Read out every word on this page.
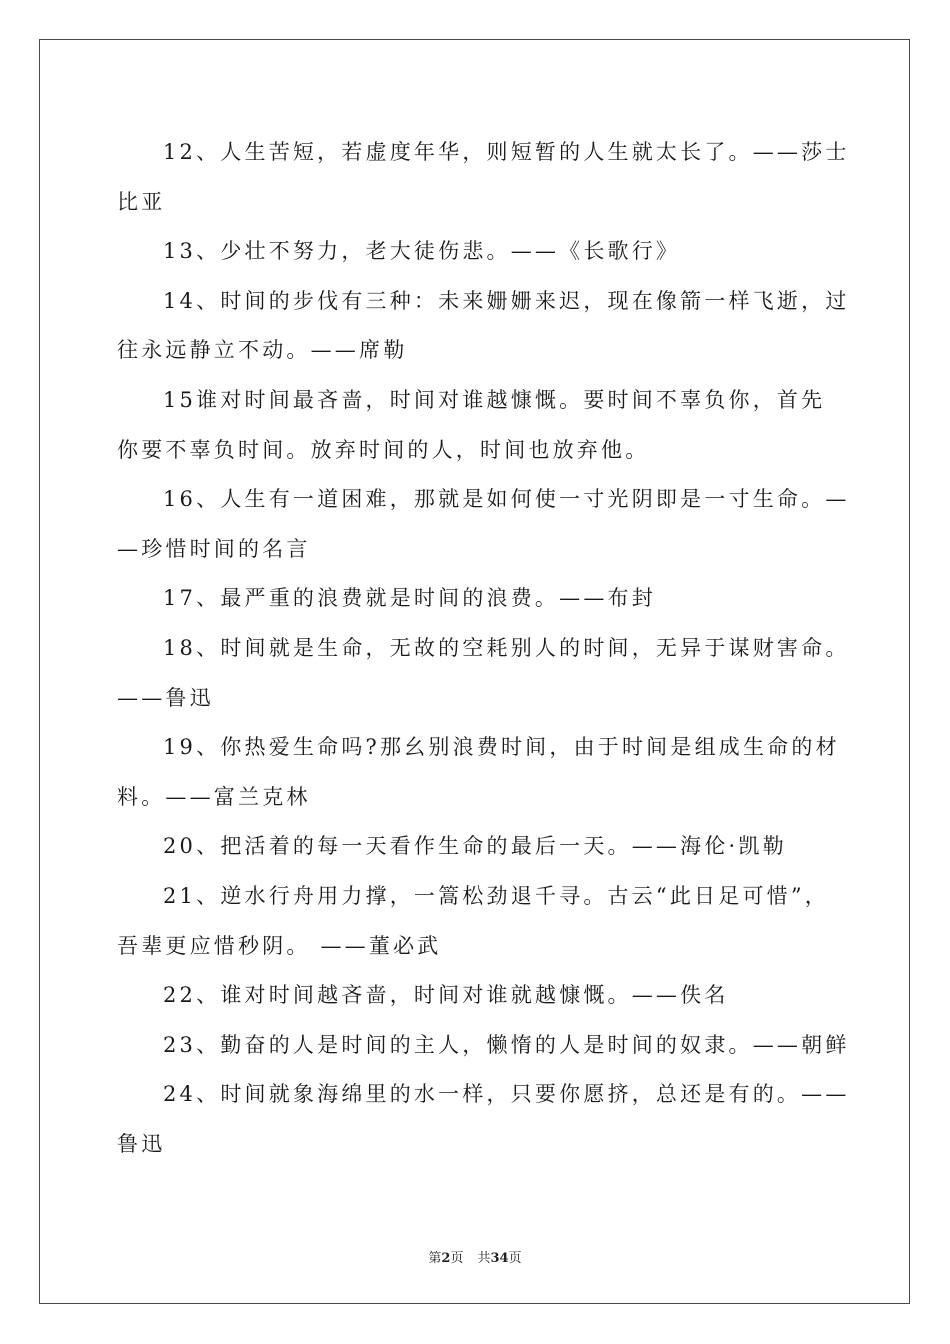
12、人生苦短，若虚度年华，则短暂的人生就太长了。——莎士
比亚
13、少壮不努力，老大徒伤悲。——《长歌行》
14、时间的步伐有三种：未来姗姗来迟，现在像箭一样飞逝，过
往永远静立不动。——席勒
15谁对时间最吝啬，时间对谁越慷慨。要时间不辜负你，首先
你要不辜负时间。放弃时间的人，时间也放弃他。
16、人生有一道困难，那就是如何使一寸光阴即是一寸生命。—
—珍惜时间的名言
17、最严重的浪费就是时间的浪费。——布封
18、时间就是生命，无故的空耗别人的时间，无异于谋财害命。
——鲁迅
19、你热爱生命吗?那幺别浪费时间，由于时间是组成生命的材
料。——富兰克林
20、把活着的每一天看作生命的最后一天。——海伦·凯勒
21、逆水行舟用力撑，一篙松劲退千寻。古云“此日足可惜”，
吾辈更应惜秒阴。 ——董必武
22、谁对时间越吝啬，时间对谁就越慷慨。——佚名
23、勤奋的人是时间的主人，懒惰的人是时间的奴隶。——朝鲜
24、时间就象海绵里的水一样，只要你愿挤，总还是有的。——
鲁迅
第2页 共34页
